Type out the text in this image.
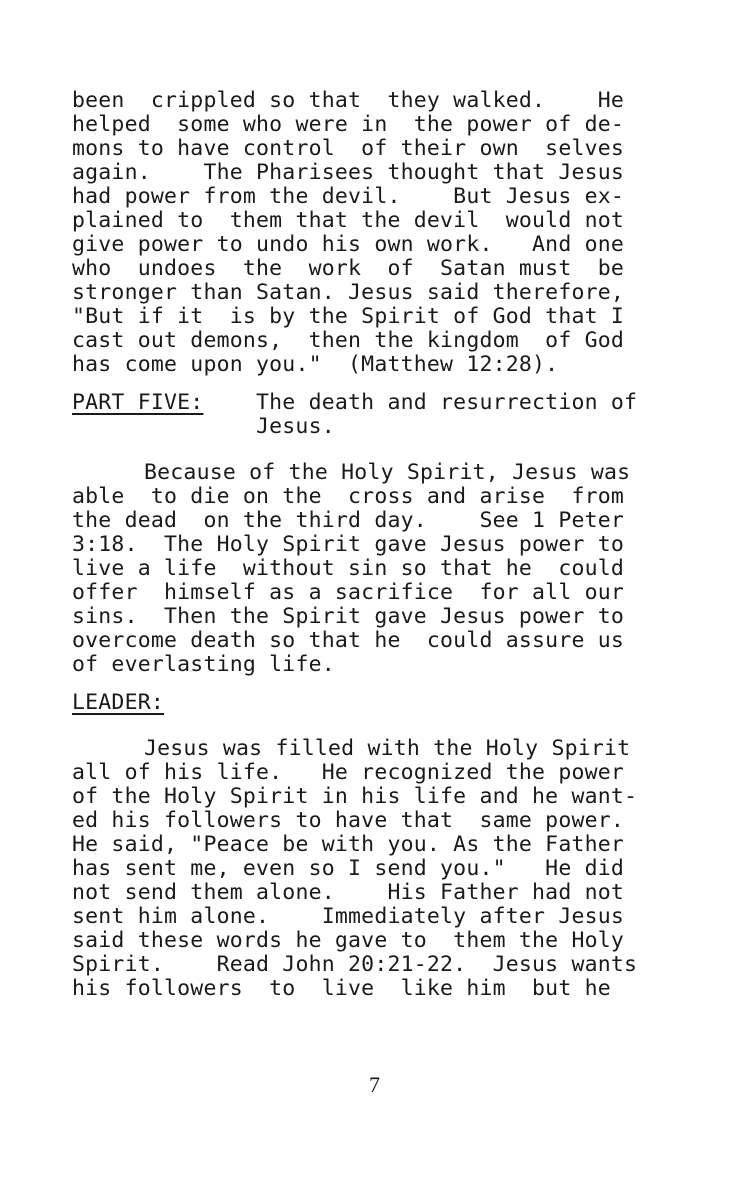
been  crippled so that  they walked.    He
helped  some who were in  the power of de-
mons to have control  of their own  selves
again.    The Pharisees thought that Jesus
had power from the devil.    But Jesus ex-
plained to  them that the devil  would not
give power to undo his own work.   And one
who  undoes  the  work  of  Satan must  be
stronger than Satan. Jesus said therefore,
"But if it  is by the Spirit of God that I
cast out demons,  then the kingdom  of God
has come upon you."  (Matthew 12:28).
PART FIVE:	The death and resurrection of
Jesus.
Because of the Holy Spirit, Jesus was
able  to die on the  cross and arise  from
the dead  on the third day.    See 1 Peter
3:18.  The Holy Spirit gave Jesus power to
live a life  without sin so that he  could
offer  himself as a sacrifice  for all our
sins.  Then the Spirit gave Jesus power to
overcome death so that he  could assure us
of everlasting life.
LEADER:
Jesus was filled with the Holy Spirit
all of his life.   He recognized the power
of the Holy Spirit in his life and he want-
ed his followers to have that  same power.
He said, "Peace be with you. As the Father
has sent me, even so I send you."   He did
not send them alone.    His Father had not
sent him alone.    Immediately after Jesus
said these words he gave to  them the Holy
Spirit.    Read John 20:21-22.  Jesus wants
his followers  to  live  like him  but he
7
